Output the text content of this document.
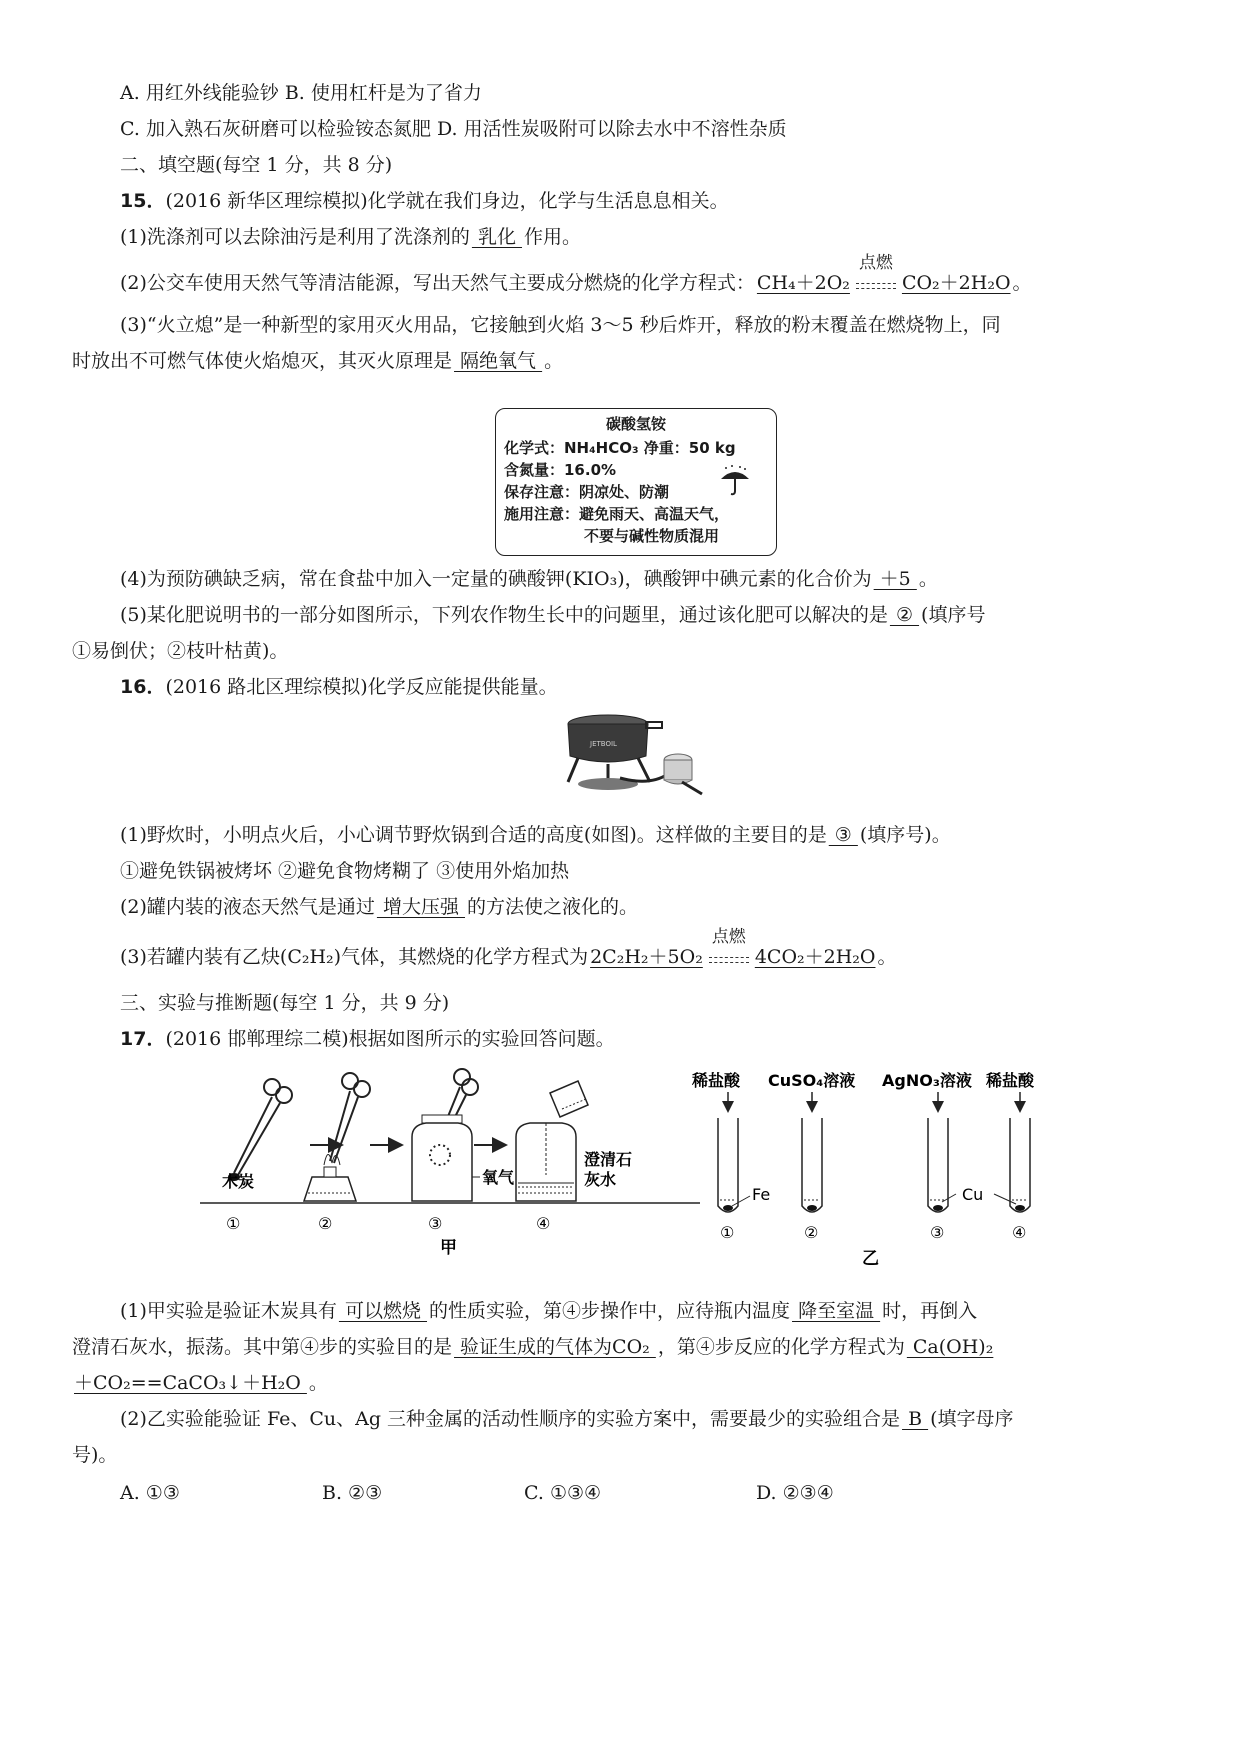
A. 用红外线能验钞 B. 使用杠杆是为了省力
C. 加入熟石灰研磨可以检验铵态氮肥 D. 用活性炭吸附可以除去水中不溶性杂质
二、填空题(每空 1 分，共 8 分)
15．(2016 新华区理综模拟)化学就在我们身边，化学与生活息息相关。
(1)洗涤剂可以去除油污是利用了洗涤剂的 乳化 作用。
(2)公交车使用天然气等清洁能源，写出天然气主要成分燃烧的化学方程式： CH₄＋2O₂
点燃
CO₂＋2H₂O 。
(3)“火立熄”是一种新型的家用灭火用品，它接触到火焰 3～5 秒后炸开，释放的粉末覆盖在燃烧物上，同
时放出不可燃气体使火焰熄灭，其灭火原理是 隔绝氧气 。
碳酸氢铵
化学式：NH₄HCO₃ 净重：50 kg
含氮量：16.0%
保存注意：阴凉处、防潮
施用注意：避免雨天、高温天气，
不要与碱性物质混用
(4)为预防碘缺乏病，常在食盐中加入一定量的碘酸钾(KIO₃)，碘酸钾中碘元素的化合价为 ＋5 。
(5)某化肥说明书的一部分如图所示，下列农作物生长中的问题里，通过该化肥可以解决的是 ② (填序号
①易倒伏；②枝叶枯黄)。
16．(2016 路北区理综模拟)化学反应能提供能量。
JETBOIL
(1)野炊时，小明点火后，小心调节野炊锅到合适的高度(如图)。这样做的主要目的是 ③ (填序号)。
①避免铁锅被烤坏 ②避免食物烤糊了 ③使用外焰加热
(2)罐内装的液态天然气是通过 增大压强 的方法使之液化的。
(3)若罐内装有乙炔(C₂H₂)气体，其燃烧的化学方程式为 2C₂H₂＋5O₂
点燃
4CO₂＋2H₂O 。
三、实验与推断题(每空 1 分，共 9 分)
17．(2016 邯郸理综二模)根据如图所示的实验回答问题。
木炭	氧气
澄清石
灰水
①	②	③	④
甲
稀盐酸 CuSO₄溶液 AgNO₃溶液 稀盐酸
Fe	Cu
①	②	③	④
乙
(1)甲实验是验证木炭具有 可以燃烧 的性质实验，第④步操作中，应待瓶内温度 降至室温 时，再倒入
澄清石灰水，振荡。其中第④步的实验目的是 验证生成的气体为CO₂ ，第④步反应的化学方程式为 Ca(OH)₂
＋CO₂==CaCO₃↓＋H₂O 。
(2)乙实验能验证 Fe、Cu、Ag 三种金属的活动性顺序的实验方案中，需要最少的实验组合是 B (填字母序
号)。
A. ①③	B. ②③	C. ①③④	D. ②③④
